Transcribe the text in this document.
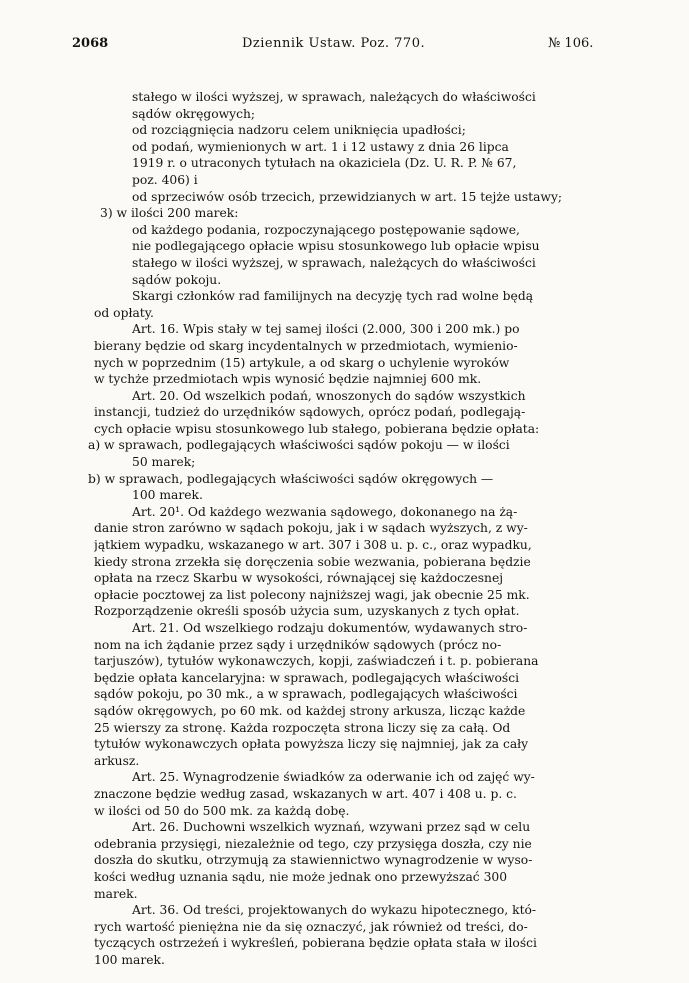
2068	Dziennik Ustaw. Poz. 770.	№ 106.
stałego w ilości wyższej, w sprawach, należących do właściwości
sądów okręgowych;
od rozciągnięcia nadzoru celem uniknięcia upadłości;
od podań, wymienionych w art. 1 i 12 ustawy z dnia 26 lipca
1919 r. o utraconych tytułach na okaziciela (Dz. U. R. P. № 67,
poz. 406) i
od sprzeciwów osób trzecich, przewidzianych w art. 15 tejże ustawy;
3) w ilości 200 marek:
od każdego podania, rozpoczynającego postępowanie sądowe,
nie podlegającego opłacie wpisu stosunkowego lub opłacie wpisu
stałego w ilości wyższej, w sprawach, należących do właściwości
sądów pokoju.
Skargi członków rad familijnych na decyzję tych rad wolne będą
od opłaty.
Art. 16. Wpis stały w tej samej ilości (2.000, 300 i 200 mk.) po
bierany będzie od skarg incydentalnych w przedmiotach, wymienio-
nych w poprzednim (15) artykule, a od skarg o uchylenie wyroków
w tychże przedmiotach wpis wynosić będzie najmniej 600 mk.
Art. 20. Od wszelkich podań, wnoszonych do sądów wszystkich
instancji, tudzież do urzędników sądowych, oprócz podań, podlegają-
cych opłacie wpisu stosunkowego lub stałego, pobierana będzie opłata:
a) w sprawach, podlegających właściwości sądów pokoju — w ilości
50 marek;
b) w sprawach, podlegających właściwości sądów okręgowych —
100 marek.
Art. 20¹. Od każdego wezwania sądowego, dokonanego na żą-
danie stron zarówno w sądach pokoju, jak i w sądach wyższych, z wy-
jątkiem wypadku, wskazanego w art. 307 i 308 u. p. c., oraz wypadku,
kiedy strona zrzekła się doręczenia sobie wezwania, pobierana będzie
opłata na rzecz Skarbu w wysokości, równającej się każdoczesnej
opłacie pocztowej za list polecony najniższej wagi, jak obecnie 25 mk.
Rozporządzenie określi sposób użycia sum, uzyskanych z tych opłat.
Art. 21. Od wszelkiego rodzaju dokumentów, wydawanych stro-
nom na ich żądanie przez sądy i urzędników sądowych (prócz no-
tarjuszów), tytułów wykonawczych, kopji, zaświadczeń i t. p. pobierana
będzie opłata kancelaryjna: w sprawach, podlegających właściwości
sądów pokoju, po 30 mk., a w sprawach, podlegających właściwości
sądów okręgowych, po 60 mk. od każdej strony arkusza, licząc każde
25 wierszy za stronę. Każda rozpoczęta strona liczy się za całą. Od
tytułów wykonawczych opłata powyższa liczy się najmniej, jak za cały
arkusz.
Art. 25. Wynagrodzenie świadków za oderwanie ich od zajęć wy-
znaczone będzie według zasad, wskazanych w art. 407 i 408 u. p. c.
w ilości od 50 do 500 mk. za każdą dobę.
Art. 26. Duchowni wszelkich wyznań, wzywani przez sąd w celu
odebrania przysięgi, niezależnie od tego, czy przysięga doszła, czy nie
doszła do skutku, otrzymują za stawiennictwo wynagrodzenie w wyso-
kości według uznania sądu, nie może jednak ono przewyższać 300
marek.
Art. 36. Od treści, projektowanych do wykazu hipotecznego, któ-
rych wartość pieniężna nie da się oznaczyć, jak również od treści, do-
tyczących ostrzeżeń i wykreśleń, pobierana będzie opłata stała w ilości
100 marek.
